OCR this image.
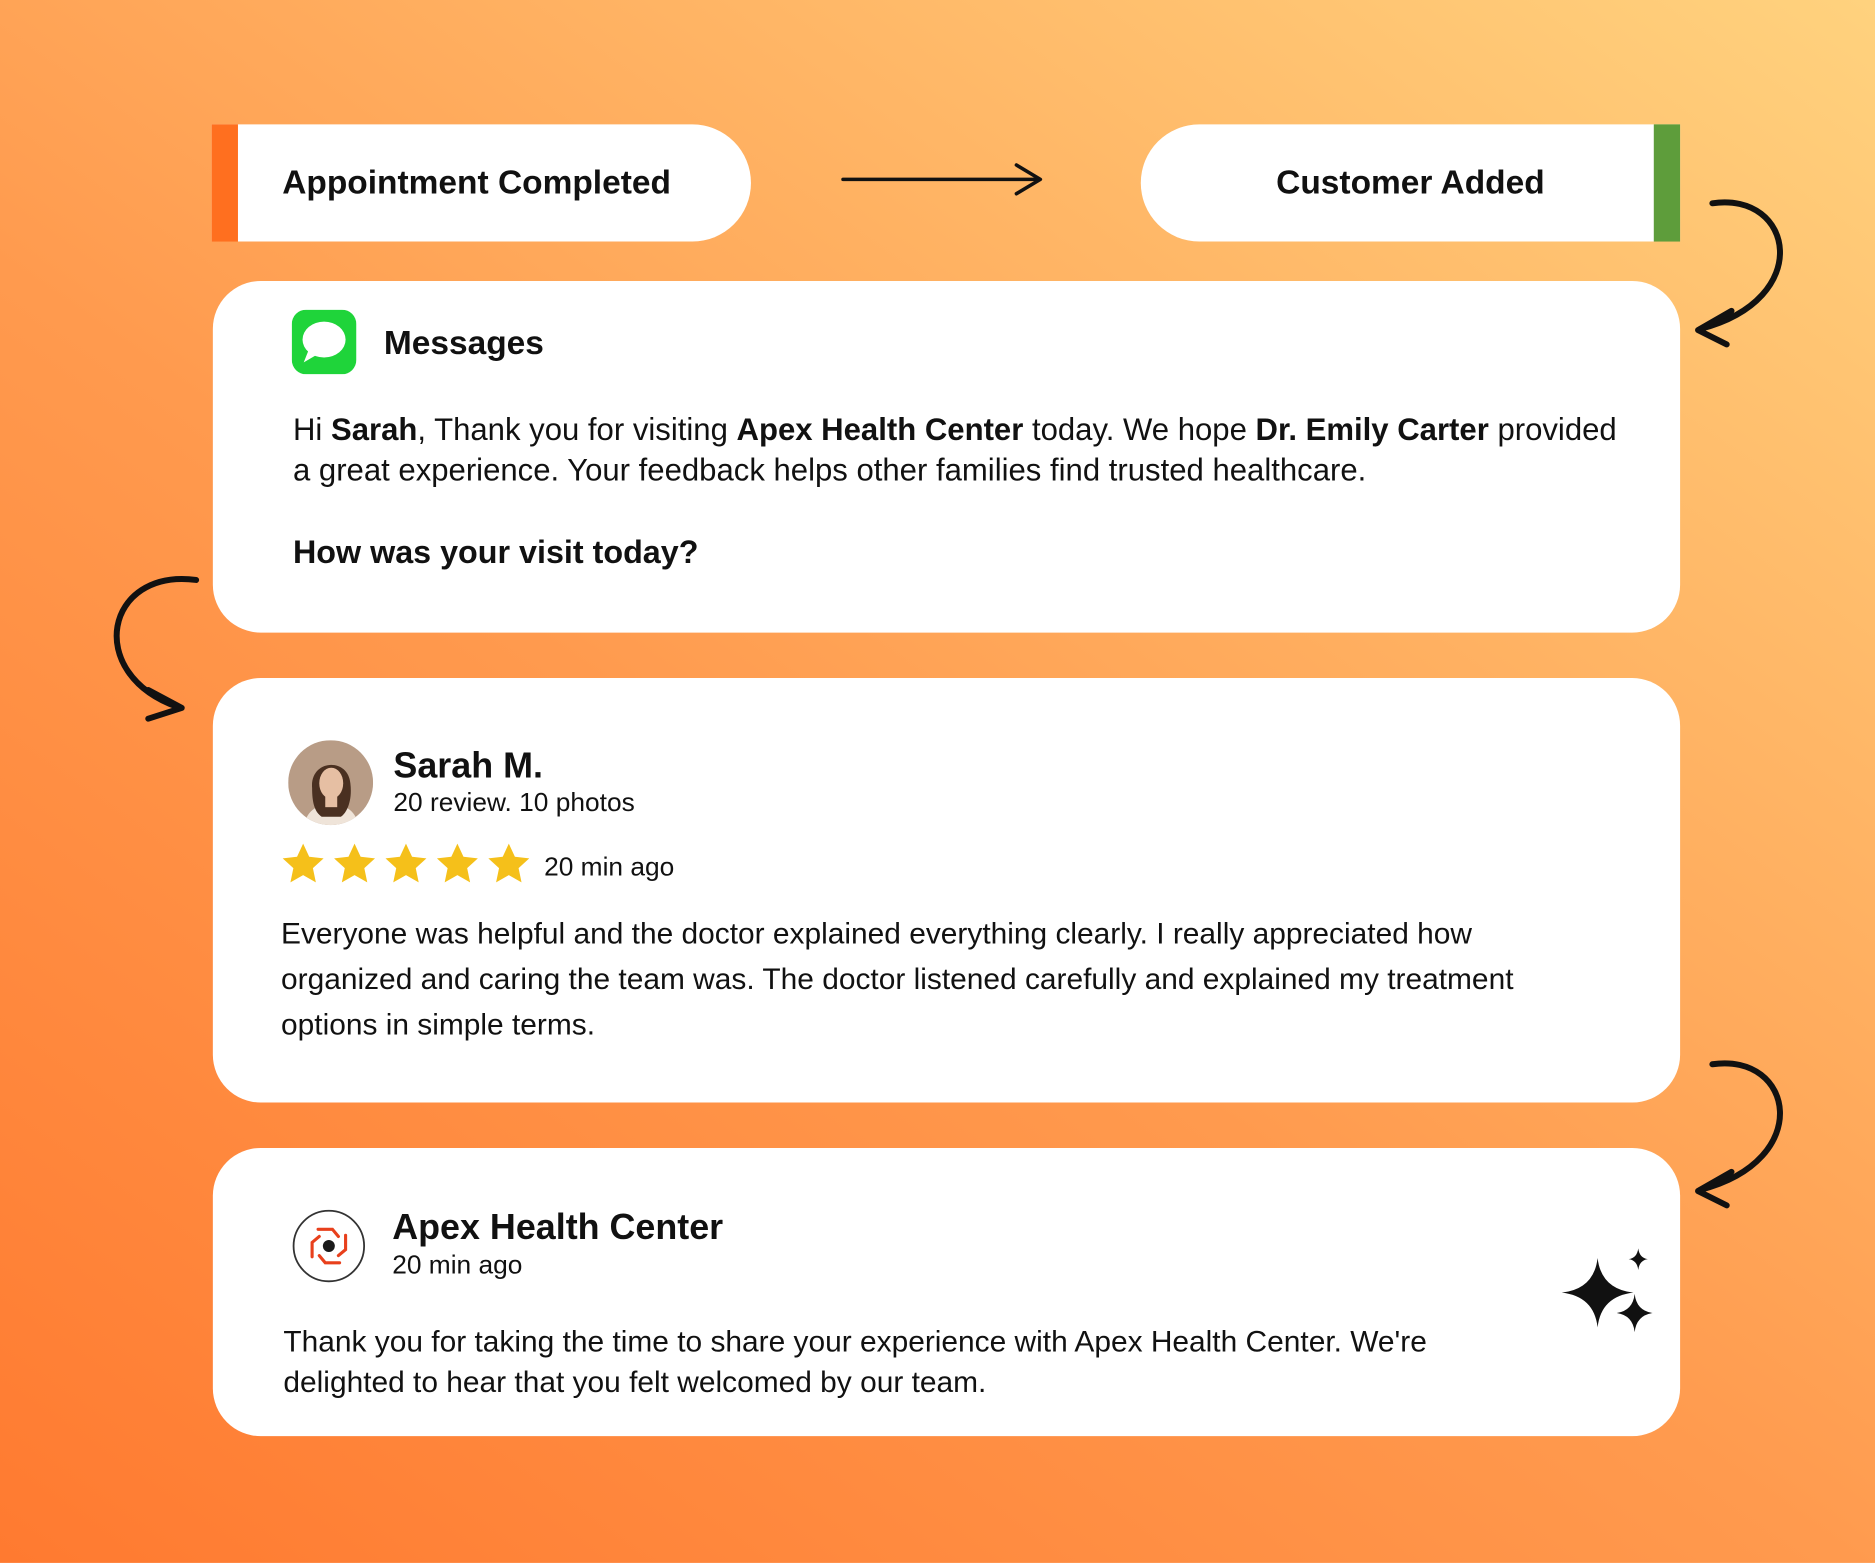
Appointment Completed	Customer Added
Messages
Hi Sarah, Thank you for visiting Apex Health Center today. We hope Dr. Emily Carter provided a great experience. Your feedback helps other families find trusted healthcare.
How was your visit today?
Sarah M.
20 review. 10 photos
20 min ago
Everyone was helpful and the doctor explained everything clearly. I really appreciated how organized and caring the team was. The doctor listened carefully and explained my treatment options in simple terms.
Apex Health Center
20 min ago
Thank you for taking the time to share your experience with Apex Health Center. We're delighted to hear that you felt welcomed by our team.
